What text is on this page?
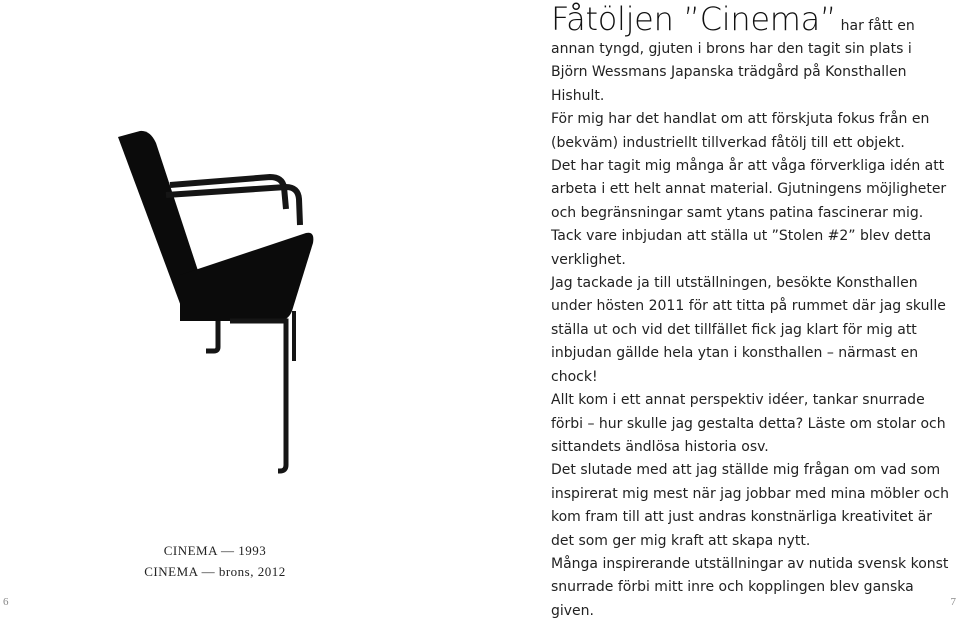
CINEMA — 1993
CINEMA — brons, 2012
6
Fåtöljen ”Cinema” har fått en

annan tyngd, gjuten i brons har den tagit sin plats i Björn Wessmans Japanska trädgård på Konsthallen Hishult.

För mig har det handlat om att förskjuta fokus från en (bekväm) industriellt tillverkad fåtölj till ett objekt.

Det har tagit mig många år att våga förverkliga idén att arbeta i ett helt annat material. Gjutningens möjligheter och begränsningar samt ytans patina fascinerar mig.

Tack vare inbjudan att ställa ut ”Stolen #2” blev detta verklighet.

Jag tackade ja till utställningen, besökte Konsthallen under hösten 2011 för att titta på rummet där jag skulle ställa ut och vid det tillfället fick jag klart för mig att inbjudan gällde hela ytan i konsthallen – närmast en chock!

Allt kom i ett annat perspektiv idéer, tankar snurrade förbi – hur skulle jag gestalta detta? Läste om stolar och sittandets ändlösa historia osv.

Det slutade med att jag ställde mig frågan om vad som inspirerat mig mest när jag jobbar med mina möbler och kom fram till att just andras konstnärliga kreativitet är det som ger mig kraft att skapa nytt.

Många inspirerande utställningar av nutida svensk konst snurrade förbi mitt inre och kopplingen blev ganska given.

7
